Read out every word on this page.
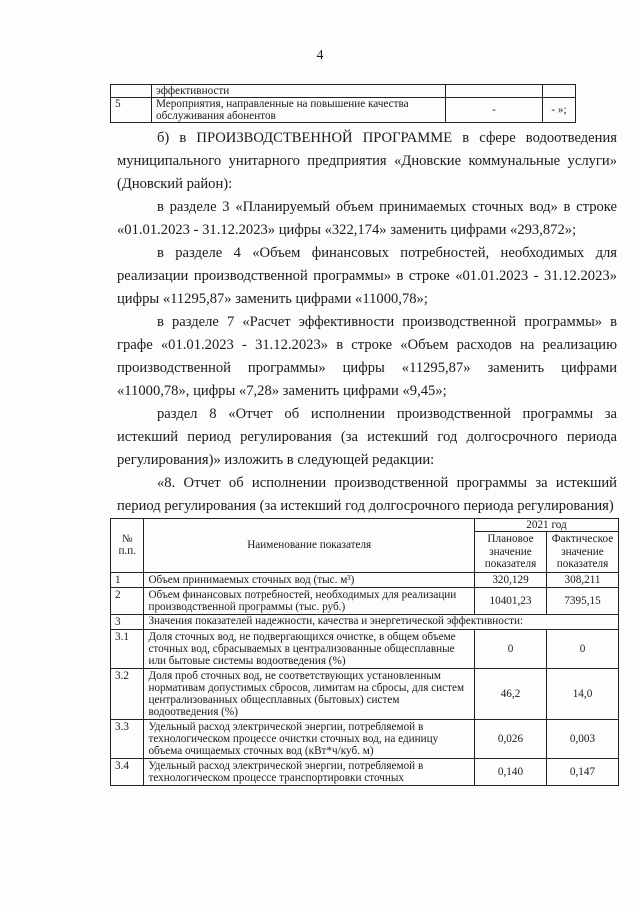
4
	эффективности		
5	Мероприятия, направленные на повышение качества обслуживания абонентов	-	- »;

б) в ПРОИЗВОДСТВЕННОЙ ПРОГРАММЕ в сфере водоотведения муниципального унитарного предприятия «Дновские коммунальные услуги» (Дновский район):

в разделе 3 «Планируемый объем принимаемых сточных вод» в строке «01.01.2023 - 31.12.2023» цифры «322,174» заменить цифрами «293,872»;

в разделе 4 «Объем финансовых потребностей, необходимых для реализации производственной программы» в строке «01.01.2023 - 31.12.2023» цифры «11295,87» заменить цифрами «11000,78»;

в разделе 7 «Расчет эффективности производственной программы» в графе «01.01.2023 - 31.12.2023» в строке «Объем расходов на реализацию производственной программы» цифры «11295,87» заменить цифрами «11000,78», цифры «7,28» заменить цифрами «9,45»;

раздел 8 «Отчет об исполнении производственной программы за истекший период регулирования (за истекший год долгосрочного периода регулирования)» изложить в следующей редакции:

«8. Отчет об исполнении производственной программы за истекший период регулирования (за истекший год долгосрочного периода регулирования)

№ п.п.	Наименование показателя	2021 год	
		Плановое значение показателя	Фактическое значение показателя
1	Объем принимаемых сточных вод (тыс. м³)	320,129	308,211
2	Объем финансовых потребностей, необходимых для реализации производственной программы (тыс. руб.)	10401,23	7395,15
3	Значения показателей надежности, качества и энергетической эффективности:		
3.1	Доля сточных вод, не подвергающихся очистке, в общем объеме сточных вод, сбрасываемых в централизованные общесплавные или бытовые системы водоотведения (%)	0	0
3.2	Доля проб сточных вод, не соответствующих установленным нормативам допустимых сбросов, лимитам на сбросы, для систем централизованных общесплавных (бытовых) систем водоотведения (%)	46,2	14,0
3.3	Удельный расход электрической энергии, потребляемой в технологическом процессе очистки сточных вод, на единицу объема очищаемых сточных вод (кВт*ч/куб. м)	0,026	0,003
3.4	Удельный расход электрической энергии, потребляемой в технологическом процессе транспортировки сточных	0,140	0,147
